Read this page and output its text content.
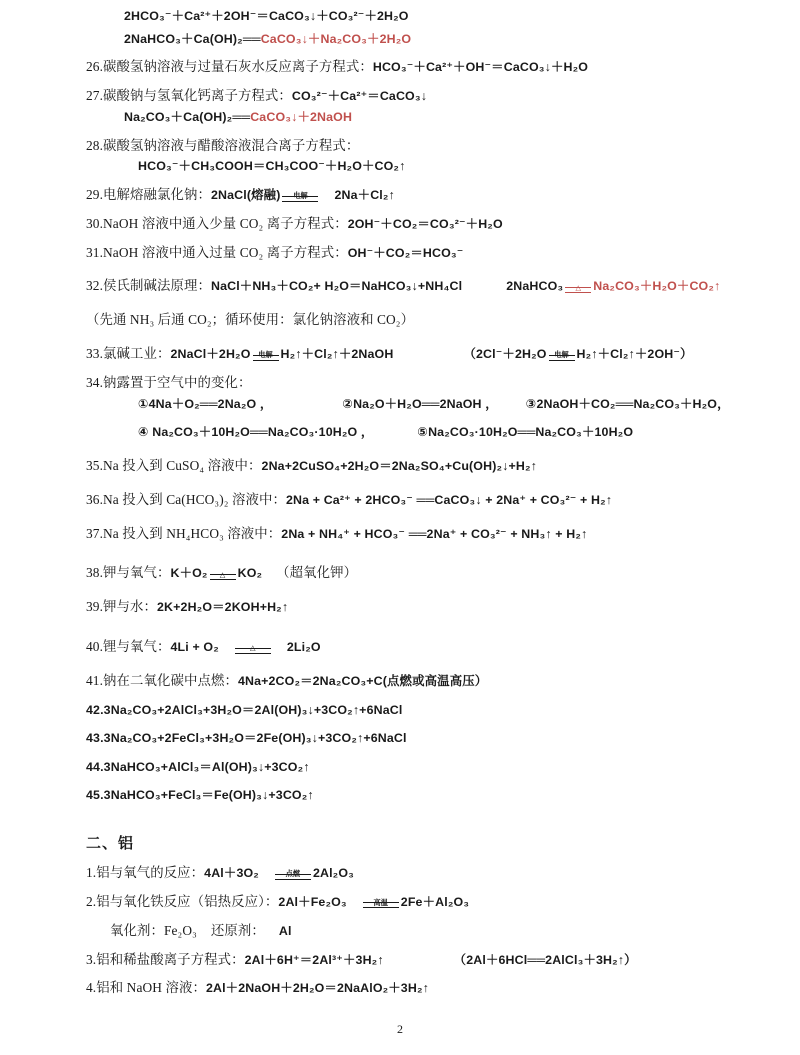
2HCO₃⁻＋Ca²⁺＋2OH⁻＝CaCO₃↓＋CO₃²⁻＋2H₂O
2NaHCO₃＋Ca(OH)₂══CaCO₃↓＋Na₂CO₃＋2H₂O
26.碳酸氢钠溶液与过量石灰水反应离子方程式：HCO₃⁻＋Ca²⁺＋OH⁻＝CaCO₃↓＋H₂O
27.碳酸钠与氢氧化钙离子方程式：CO₃²⁻＋Ca²⁺＝CaCO₃↓
Na₂CO₃＋Ca(OH)₂══CaCO₃↓＋2NaOH
28.碳酸氢钠溶液与醋酸溶液混合离子方程式：
HCO₃⁻＋CH₃COOH＝CH₃COO⁻＋H₂O＋CO₂↑
29.电解熔融氯化钠：2NaCl(熔融) 电解 2Na＋Cl₂↑
30.NaOH 溶液中通入少量 CO₂ 离子方程式：2OH⁻＋CO₂＝CO₃²⁻＋H₂O
31.NaOH 溶液中通入过量 CO₂ 离子方程式：OH⁻＋CO₂＝HCO₃⁻
32.侯氏制碱法原理：NaCl＋NH₃＋CO₂+ H₂O＝NaHCO₃↓+NH₄Cl	2NaHCO₃ △ Na₂CO₃＋H₂O＋CO₂↑
（先通 NH₃ 后通 CO₂；循环使用：氯化钠溶液和 CO₂）
33.氯碱工业：2NaCl＋2H₂O 电解 H₂↑＋Cl₂↑＋2NaOH	（2Cl⁻＋2H₂O 电解 H₂↑＋Cl₂↑＋2OH⁻）
34.钠露置于空气中的变化：
①4Na＋O₂══2Na₂O ，	②Na₂O＋H₂O══2NaOH ， ③2NaOH＋CO₂══Na₂CO₃＋H₂O，
④ Na₂CO₃＋10H₂O══Na₂CO₃·10H₂O ，	⑤Na₂CO₃·10H₂O══Na₂CO₃＋10H₂O
35.Na 投入到 CuSO₄ 溶液中：2Na+2CuSO₄+2H₂O＝2Na₂SO₄+Cu(OH)₂↓+H₂↑
36.Na 投入到 Ca(HCO₃)₂ 溶液中：2Na + Ca²⁺ + 2HCO₃⁻ ══CaCO₃↓ + 2Na⁺ + CO₃²⁻ + H₂↑
37.Na 投入到 NH₄HCO₃ 溶液中：2Na + NH₄⁺ + HCO₃⁻ ══2Na⁺ + CO₃²⁻ + NH₃↑ + H₂↑
38.钾与氧气：K＋O₂ △ KO₂ （超氧化钾）
39.钾与水：2K+2H₂O＝2KOH+H₂↑
40.锂与氧气：4Li + O₂	△	2Li₂O
41.钠在二氧化碳中点燃：4Na+2CO₂＝2Na₂CO₃+C(点燃或高温高压）
42.3Na₂CO₃+2AlCl₃+3H₂O＝2Al(OH)₃↓+3CO₂↑+6NaCl
43.3Na₂CO₃+2FeCl₃+3H₂O＝2Fe(OH)₃↓+3CO₂↑+6NaCl
44.3NaHCO₃+AlCl₃＝Al(OH)₃↓+3CO₂↑
45.3NaHCO₃+FeCl₃＝Fe(OH)₃↓+3CO₂↑
二、铝
1.铝与氧气的反应：4Al＋3O₂	点燃 2Al₂O₃
2.铝与氧化铁反应（铝热反应）：2Al＋Fe₂O₃	高温 2Fe＋Al₂O₃
氧化剂：Fe₂O₃ 还原剂： Al
3.铝和稀盐酸离子方程式：2Al＋6H⁺＝2Al³⁺＋3H₂↑	（2Al＋6HCl══2AlCl₃＋3H₂↑）
4.铝和 NaOH 溶液：2Al＋2NaOH＋2H₂O＝2NaAlO₂＋3H₂↑
2
